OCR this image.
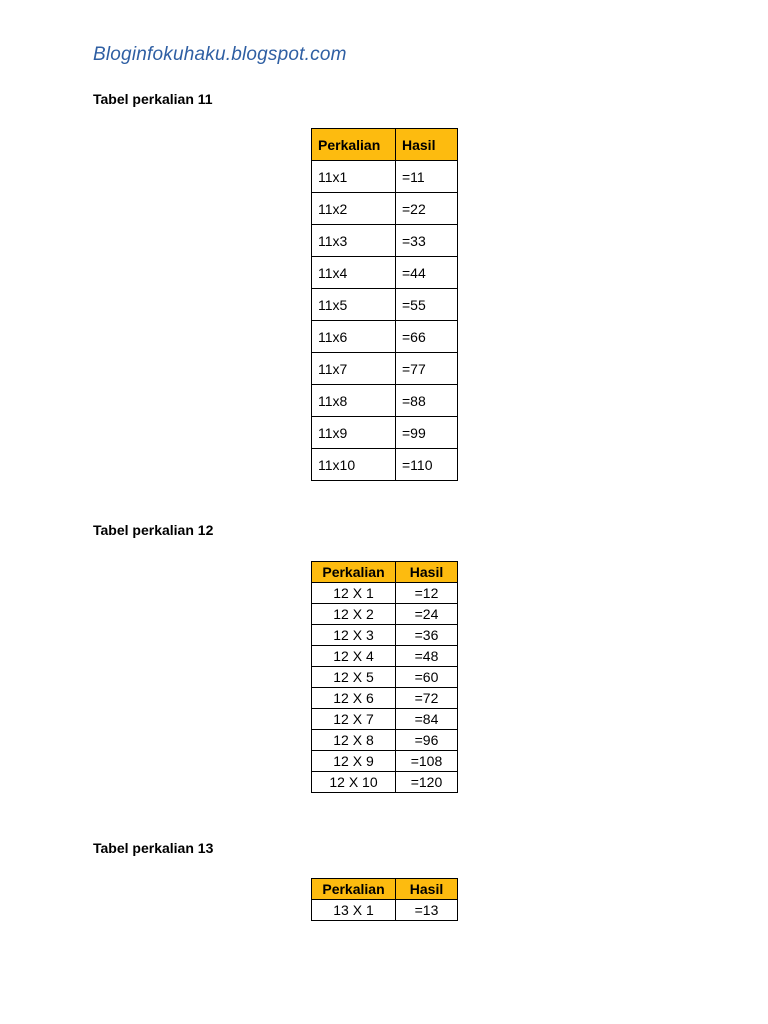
Bloginfokuhaku.blogspot.com
Tabel perkalian 11
Perkalian	Hasil
11x1	=11
11x2	=22
11x3	=33
11x4	=44
11x5	=55
11x6	=66
11x7	=77
11x8	=88
11x9	=99
11x10	=110
Tabel perkalian 12
Perkalian	Hasil
12 X 1	=12
12 X 2	=24
12 X 3	=36
12 X 4	=48
12 X 5	=60
12 X 6	=72
12 X 7	=84
12 X 8	=96
12 X 9	=108
12 X 10	=120
Tabel perkalian 13
Perkalian	Hasil
13 X 1	=13
